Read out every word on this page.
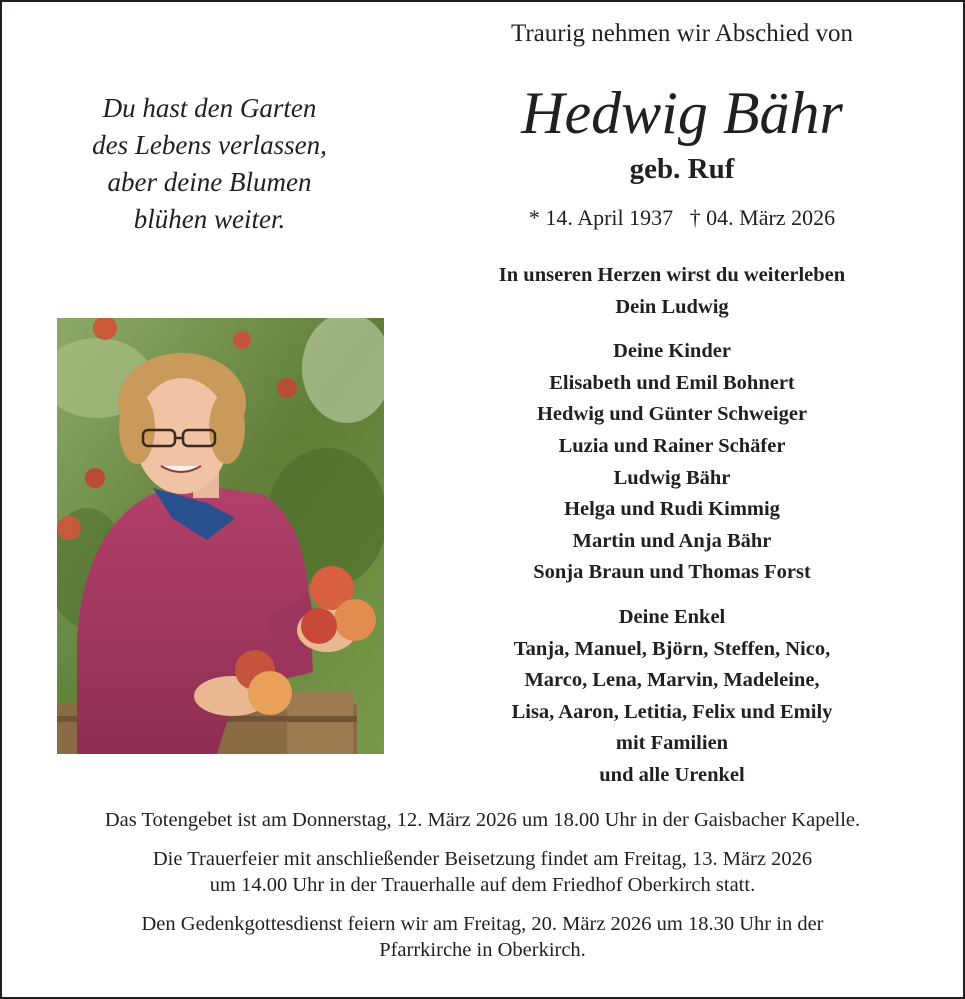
Traurig nehmen wir Abschied von
Du hast den Garten
des Lebens verlassen,
aber deine Blumen
blühen weiter.
Hedwig Bähr
geb. Ruf
* 14. April 1937 † 04. März 2026
In unseren Herzen wirst du weiterleben
Dein Ludwig
Deine Kinder
Elisabeth und Emil Bohnert
Hedwig und Günter Schweiger
Luzia und Rainer Schäfer
Ludwig Bähr
Helga und Rudi Kimmig
Martin und Anja Bähr
Sonja Braun und Thomas Forst
Deine Enkel
Tanja, Manuel, Björn, Steffen, Nico,
Marco, Lena, Marvin, Madeleine,
Lisa, Aaron, Letitia, Felix und Emily
mit Familien
und alle Urenkel

Das Totengebet ist am Donnerstag, 12. März 2026 um 18.00 Uhr in der Gaisbacher Kapelle.

Die Trauerfeier mit anschließender Beisetzung findet am Freitag, 13. März 2026
um 14.00 Uhr in der Trauerhalle auf dem Friedhof Oberkirch statt.

Den Gedenkgottesdienst feiern wir am Freitag, 20. März 2026 um 18.30 Uhr in der
Pfarrkirche in Oberkirch.
